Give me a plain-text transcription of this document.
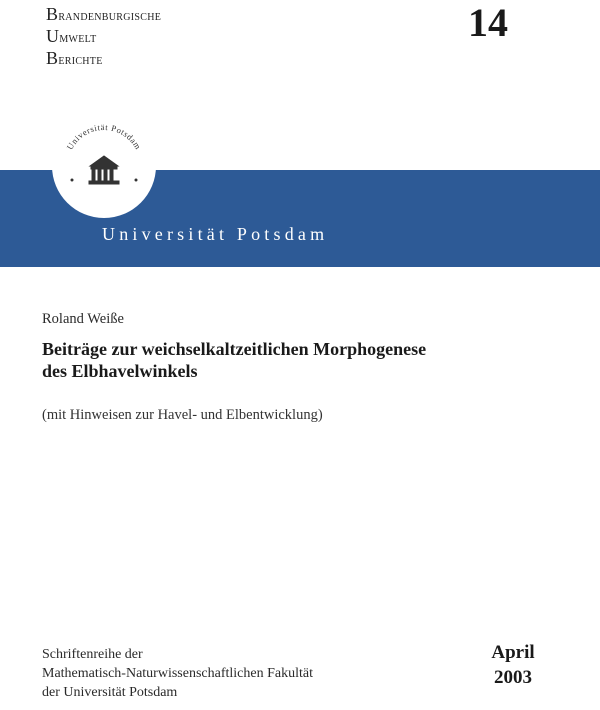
Brandenburgische
Umwelt
Berichte
14
Universität Potsdam
Universität Potsdam
Roland Weiße
Beiträge zur weichselkaltzeitlichen Morphogenese
des Elbhavelwinkels
(mit Hinweisen zur Havel- und Elbentwicklung)
Schriftenreihe der
Mathematisch-Naturwissenschaftlichen Fakultät
der Universität Potsdam
April
2003
